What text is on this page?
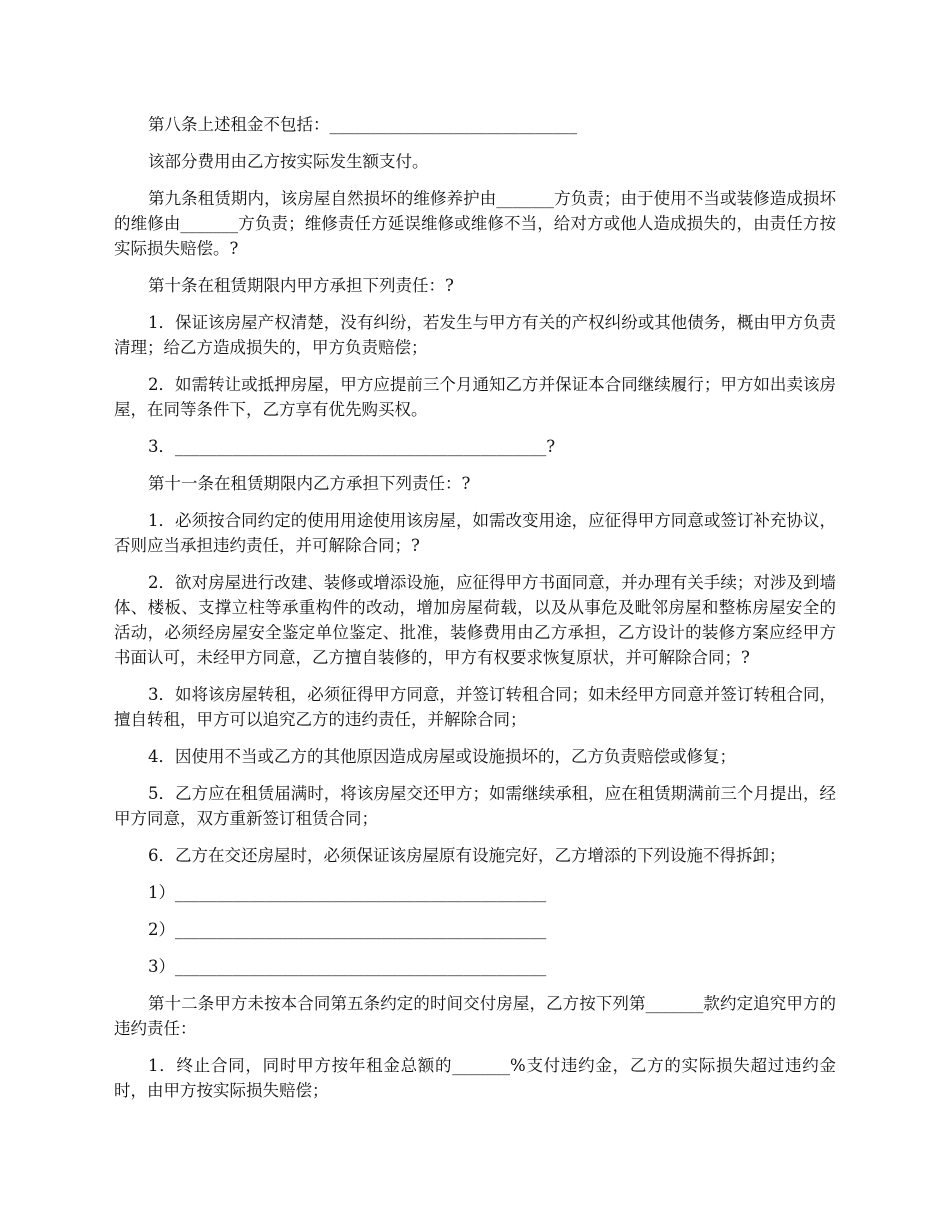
第八条上述租金不包括：______________________________

该部分费用由乙方按实际发生额支付。

第九条租赁期内，该房屋自然损坏的维修养护由_______方负责；由于使用不当或装修造成损坏的维修由_______方负责；维修责任方延误维修或维修不当，给对方或他人造成损失的，由责任方按实际损失赔偿。?

第十条在租赁期限内甲方承担下列责任：?

1．保证该房屋产权清楚，没有纠纷，若发生与甲方有关的产权纠纷或其他债务，概由甲方负责清理；给乙方造成损失的，甲方负责赔偿；

2．如需转让或抵押房屋，甲方应提前三个月通知乙方并保证本合同继续履行；甲方如出卖该房屋，在同等条件下，乙方享有优先购买权。

3．_____________________________________________?

第十一条在租赁期限内乙方承担下列责任：?

1．必须按合同约定的使用用途使用该房屋，如需改变用途，应征得甲方同意或签订补充协议，否则应当承担违约责任，并可解除合同；?

2．欲对房屋进行改建、装修或增添设施，应征得甲方书面同意，并办理有关手续；对涉及到墙体、楼板、支撑立柱等承重构件的改动，增加房屋荷载，以及从事危及毗邻房屋和整栋房屋安全的活动，必须经房屋安全鉴定单位鉴定、批准，装修费用由乙方承担，乙方设计的装修方案应经甲方书面认可，未经甲方同意，乙方擅自装修的，甲方有权要求恢复原状，并可解除合同；?

3．如将该房屋转租，必须征得甲方同意，并签订转租合同；如未经甲方同意并签订转租合同，擅自转租，甲方可以追究乙方的违约责任，并解除合同；

4．因使用不当或乙方的其他原因造成房屋或设施损坏的，乙方负责赔偿或修复；

5．乙方应在租赁届满时，将该房屋交还甲方；如需继续承租，应在租赁期满前三个月提出，经甲方同意，双方重新签订租赁合同；

6．乙方在交还房屋时，必须保证该房屋原有设施完好，乙方增添的下列设施不得拆卸；

1）_____________________________________________

2）_____________________________________________

3）_____________________________________________

第十二条甲方未按本合同第五条约定的时间交付房屋，乙方按下列第_______款约定追究甲方的违约责任：

1．终止合同，同时甲方按年租金总额的_______%支付违约金，乙方的实际损失超过违约金时，由甲方按实际损失赔偿；
